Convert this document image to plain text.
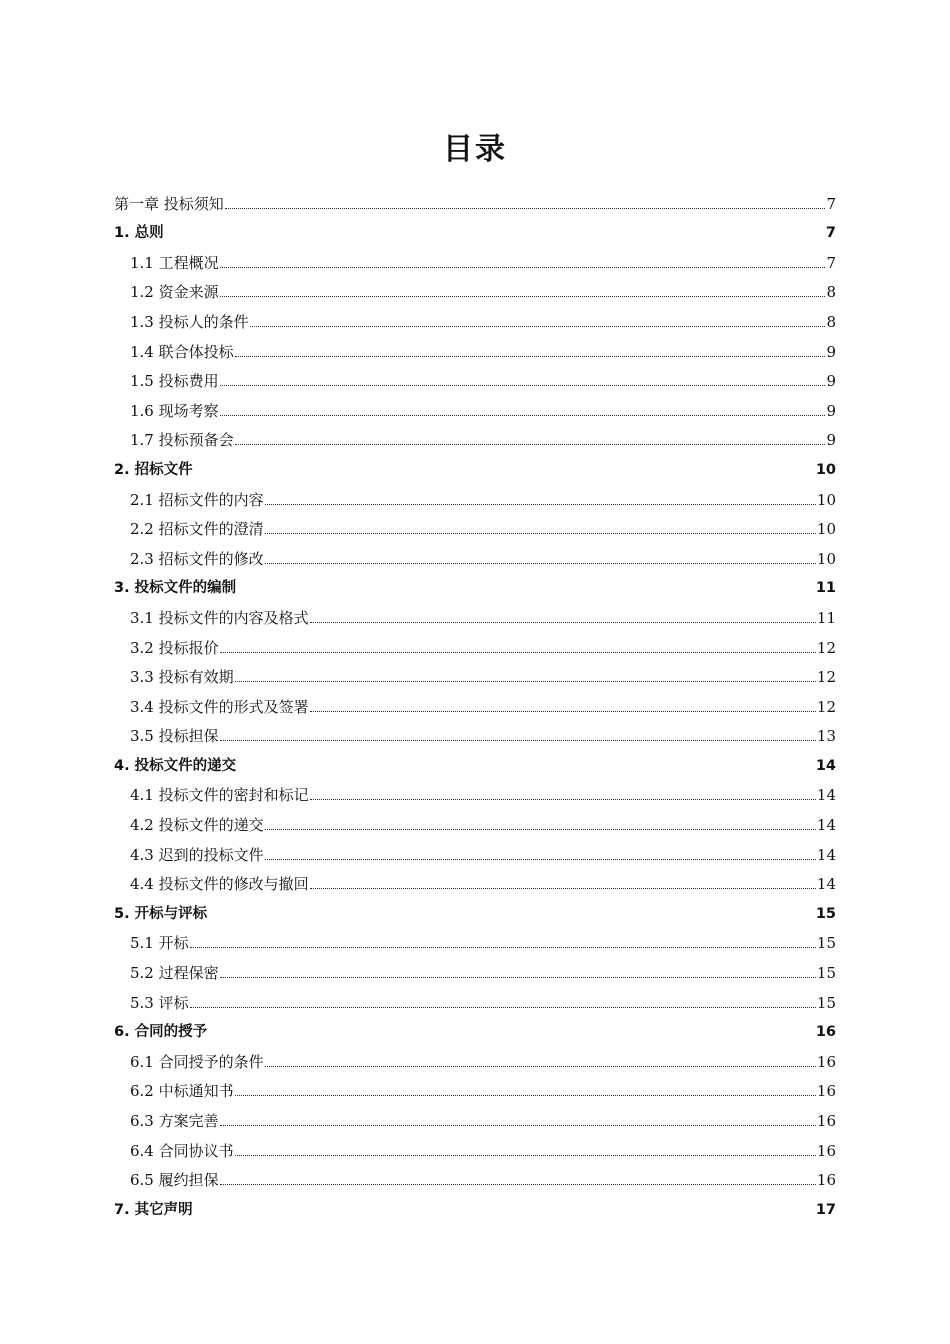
目录
第一章 投标须知	7
1. 总则	7
1.1 工程概况	7
1.2 资金来源	8
1.3 投标人的条件	8
1.4 联合体投标	9
1.5 投标费用	9
1.6 现场考察	9
1.7 投标预备会	9
2. 招标文件	10
2.1 招标文件的内容	10
2.2 招标文件的澄清	10
2.3 招标文件的修改	10
3. 投标文件的编制	11
3.1 投标文件的内容及格式	11
3.2 投标报价	12
3.3 投标有效期	12
3.4 投标文件的形式及签署	12
3.5 投标担保	13
4. 投标文件的递交	14
4.1 投标文件的密封和标记	14
4.2 投标文件的递交	14
4.3 迟到的投标文件	14
4.4 投标文件的修改与撤回	14
5. 开标与评标	15
5.1 开标	15
5.2 过程保密	15
5.3 评标	15
6. 合同的授予	16
6.1 合同授予的条件	16
6.2 中标通知书	16
6.3 方案完善	16
6.4 合同协议书	16
6.5 履约担保	16
7. 其它声明	17
